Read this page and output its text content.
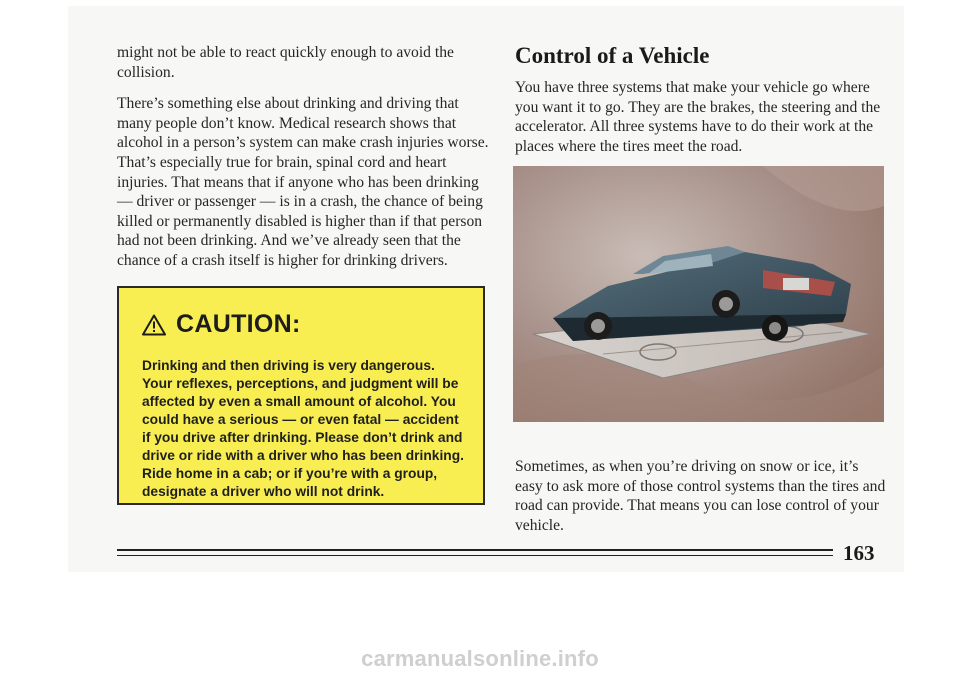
might not be able to react quickly enough to avoid the collision.

There’s something else about drinking and driving that many people don’t know. Medical research shows that alcohol in a person’s system can make crash injuries worse. That’s especially true for brain, spinal cord and heart injuries. That means that if anyone who has been drinking — driver or passenger — is in a crash, the chance of being killed or permanently disabled is higher than if that person had not been drinking. And we’ve already seen that the chance of a crash itself is higher for drinking drivers.

CAUTION:

Drinking and then driving is very dangerous. Your reflexes, perceptions, and judgment will be affected by even a small amount of alcohol. You could have a serious — or even fatal — accident if you drive after drinking. Please don’t drink and drive or ride with a driver who has been drinking. Ride home in a cab; or if you’re with a group, designate a driver who will not drink.

Control of a Vehicle

You have three systems that make your vehicle go where you want it to go. They are the brakes, the steering and the accelerator. All three systems have to do their work at the places where the tires meet the road.

Sometimes, as when you’re driving on snow or ice, it’s easy to ask more of those control systems than the tires and road can provide. That means you can lose control of your vehicle.

163
carmanualsonline.info
